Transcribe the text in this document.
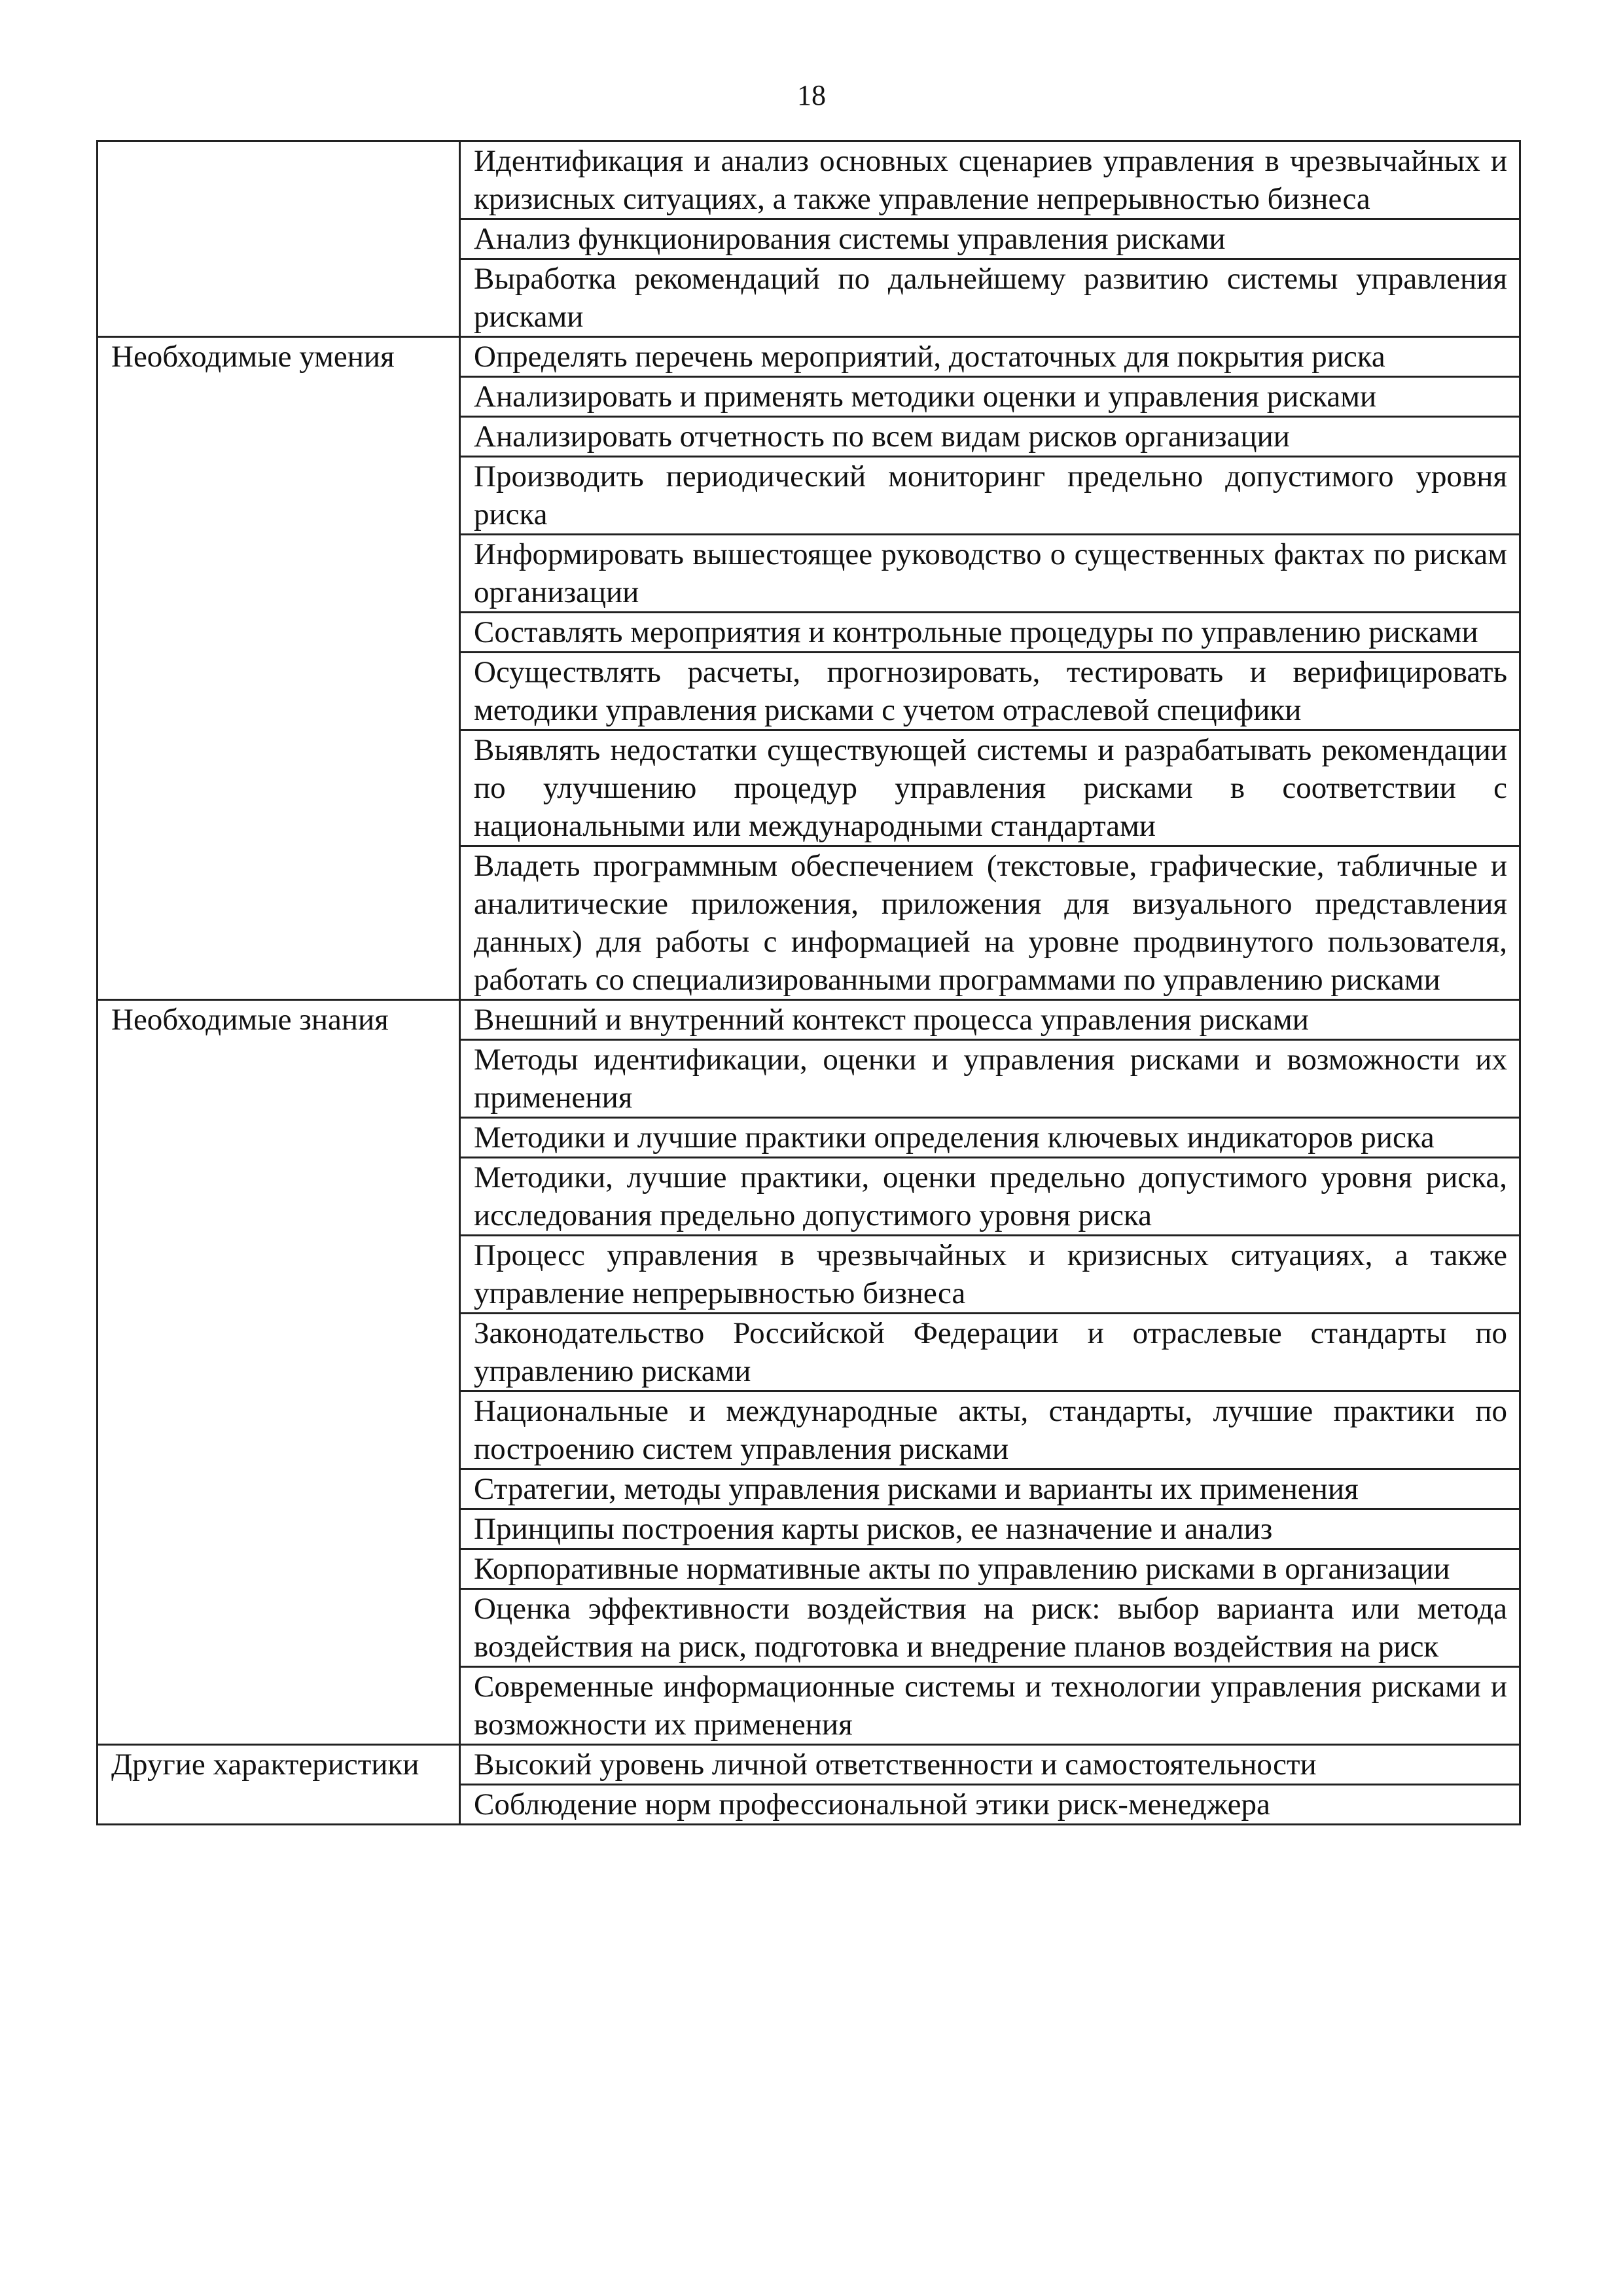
18
	Идентификация и анализ основных сценариев управления в чрезвычайных и кризисных ситуациях, а также управление непрерывностью бизнеса
	Анализ функционирования системы управления рисками
	Выработка рекомендаций по дальнейшему развитию системы управления рисками
Необходимые умения	Определять перечень мероприятий, достаточных для покрытия риска
	Анализировать и применять методики оценки и управления рисками
	Анализировать отчетность по всем видам рисков организации
	Производить периодический мониторинг предельно допустимого уровня риска
	Информировать вышестоящее руководство о существенных фактах по рискам организации
	Составлять мероприятия и контрольные процедуры по управлению рисками
	Осуществлять расчеты, прогнозировать, тестировать и верифицировать методики управления рисками с учетом отраслевой специфики
	Выявлять недостатки существующей системы и разрабатывать рекомендации по улучшению процедур управления рисками в соответствии с национальными или международными стандартами
	Владеть программным обеспечением (текстовые, графические, табличные и аналитические приложения, приложения для визуального представления данных) для работы с информацией на уровне продвинутого пользователя, работать со специализированными программами по управлению рисками
Необходимые знания	Внешний и внутренний контекст процесса управления рисками
	Методы идентификации, оценки и управления рисками и возможности их применения
	Методики и лучшие практики определения ключевых индикаторов риска
	Методики, лучшие практики, оценки предельно допустимого уровня риска, исследования предельно допустимого уровня риска
	Процесс управления в чрезвычайных и кризисных ситуациях, а также управление непрерывностью бизнеса
	Законодательство Российской Федерации и отраслевые стандарты по управлению рисками
	Национальные и международные акты, стандарты, лучшие практики по построению систем управления рисками
	Стратегии, методы управления рисками и варианты их применения
	Принципы построения карты рисков, ее назначение и анализ
	Корпоративные нормативные акты по управлению рисками в организации
	Оценка эффективности воздействия на риск: выбор варианта или метода воздействия на риск, подготовка и внедрение планов воздействия на риск
	Современные информационные системы и технологии управления рисками и возможности их применения
Другие характеристики	Высокий уровень личной ответственности и самостоятельности
	Соблюдение норм профессиональной этики риск-менеджера
